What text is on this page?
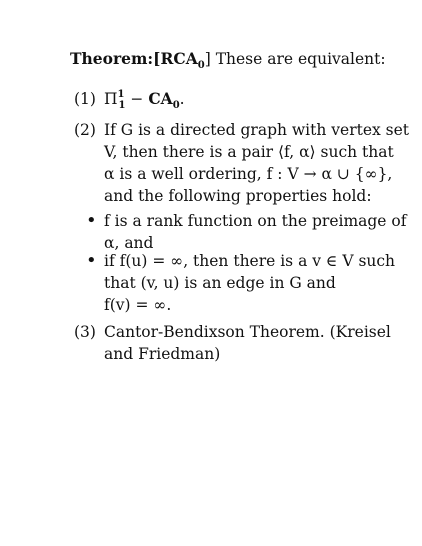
$Theorem:[RCA_0]$ These are equivalent:
(1) $\Pi^1_1 - CA_0$.
(2) If G is a directed graph with vertex set
V, then there is a pair ⟨f, α⟩ such that
α is a well ordering, f : V → α ∪ {∞},
and the following properties hold:
• f is a rank function on the preimage of
α, and
• if f(u) = ∞, then there is a v ∈ V such
that (v, u) is an edge in G and
f(v) = ∞.
(3) Cantor-Bendixson Theorem. (Kreisel
and Friedman)
